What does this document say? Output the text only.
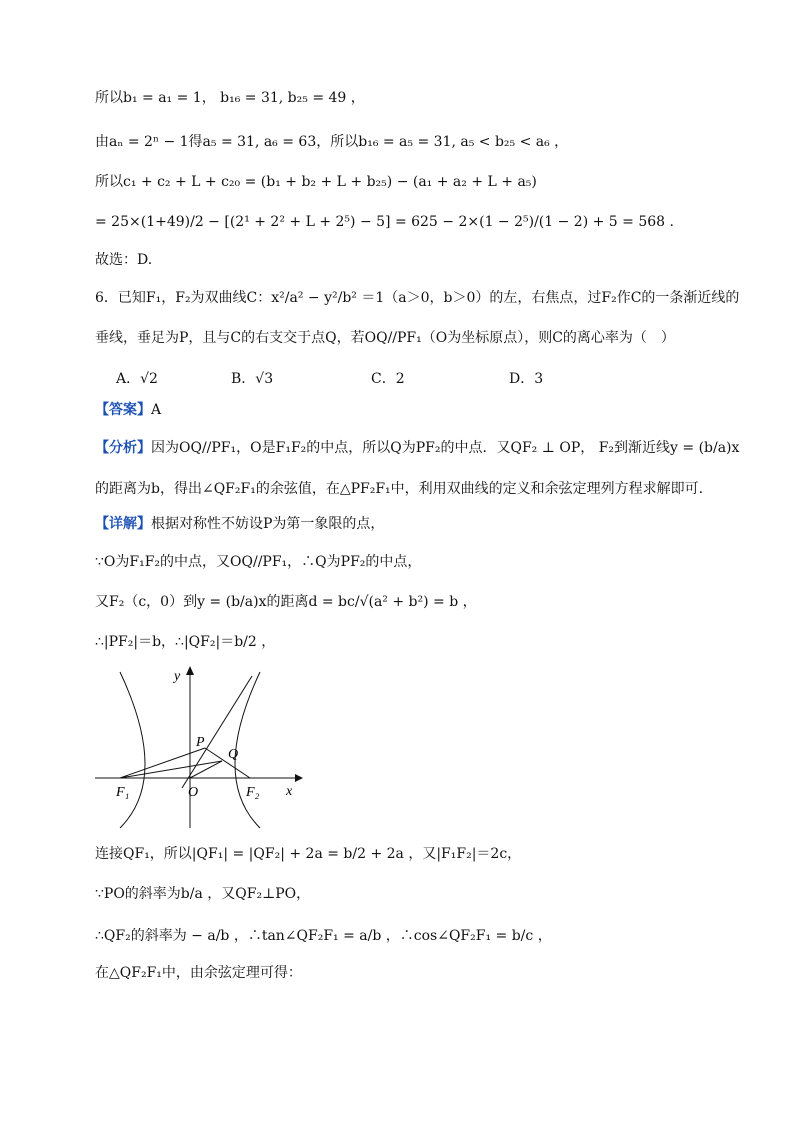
所以b₁ = a₁ = 1， b₁₆ = 31, b₂₅ = 49 ，
由aₙ = 2ⁿ − 1得a₅ = 31, a₆ = 63，所以b₁₆ = a₅ = 31, a₅ < b₂₅ < a₆ ，
所以c₁ + c₂ + L + c₂₀ = (b₁ + b₂ + L + b₂₅) − (a₁ + a₂ + L + a₅)
= 25×(1+49)/2 − [(2¹ + 2² + L + 2⁵) − 5] = 625 − 2×(1 − 2⁵)/(1 − 2) + 5 = 568 .
故选：D.
6．已知F₁，F₂为双曲线C：x²/a² − y²/b² ＝1（a＞0，b＞0）的左，右焦点，过F₂作C的一条渐近线的
垂线，垂足为P，且与C的右支交于点Q，若OQ//PF₁（O为坐标原点），则C的离心率为（　）
A．√2	B．√3	C．2	D．3
【答案】A
【分析】因为OQ//PF₁，O是F₁F₂的中点，所以Q为PF₂的中点．又QF₂ ⊥ OP， F₂到渐近线y = (b/a)x
的距离为b，得出∠QF₂F₁的余弦值，在△PF₂F₁中，利用双曲线的定义和余弦定理列方程求解即可.
【详解】根据对称性不妨设P为第一象限的点，
∵O为F₁F₂的中点，又OQ//PF₁，∴Q为PF₂的中点，
又F₂（c，0）到y = (b/a)x的距离d = bc/√(a² + b²) = b ，
∴|PF₂|＝b，∴|QF₂|＝b/2 ，
y
x
P
Q
F₁	O	F₂
连接QF₁，所以|QF₁| = |QF₂| + 2a = b/2 + 2a ，又|F₁F₂|＝2c，
∵PO的斜率为b/a ，又QF₂⊥PO，
∴QF₂的斜率为 − a/b ，∴tan∠QF₂F₁ = a/b ，∴cos∠QF₂F₁ = b/c ，
在△QF₂F₁中，由余弦定理可得：
